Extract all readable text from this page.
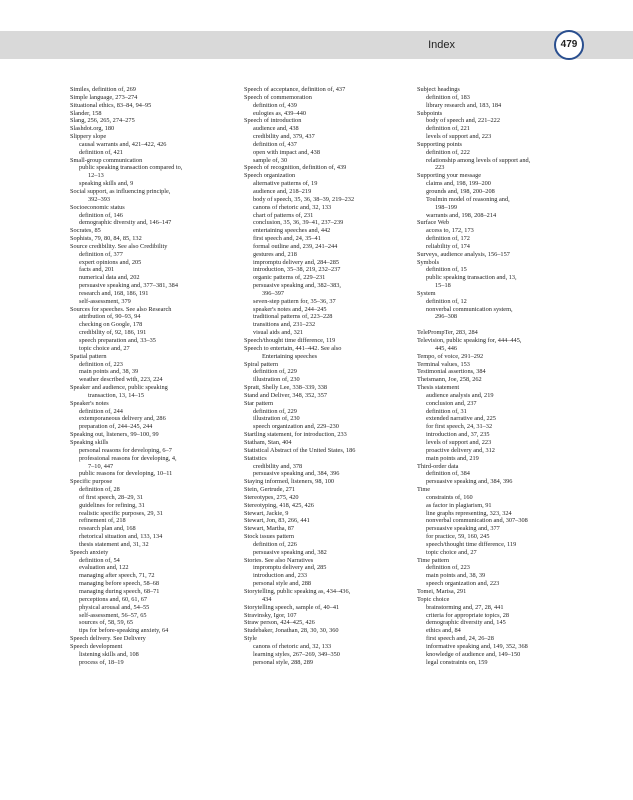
Index	479
Similes, definition of, 269
Simple language, 273–274
Situational ethics, 83–84, 94–95
Slander, 158
Slang, 256, 265, 274–275
Slashdot.org, 180
Slippery slope
causal warrants and, 421–422, 426
definition of, 421
Small-group communication
public speaking transaction compared to,
12–13
speaking skills and, 9
Social support, as influencing principle,
392–393
Socioeconomic status
definition of, 146
demographic diversity and, 146–147
Socrates, 85
Sophists, 79, 80, 84, 85, 132
Source credibility. See also Credibility
definition of, 377
expert opinions and, 205
facts and, 201
numerical data and, 202
persuasive speaking and, 377–381, 384
research and, 168, 186, 191
self-assessment, 379
Sources for speeches. See also Research
attribution of, 90–93, 94
checking on Google, 178
credibility of, 92, 186, 191
speech preparation and, 33–35
topic choice and, 27
Spatial pattern
definition of, 223
main points and, 38, 39
weather described with, 223, 224
Speaker and audience, public speaking
transaction, 13, 14–15
Speaker's notes
definition of, 244
extemporaneous delivery and, 286
preparation of, 244–245, 244
Speaking out, listeners, 99–100, 99
Speaking skills
personal reasons for developing, 6–7
professional reasons for developing, 4,
7–10, 447
public reasons for developing, 10–11
Specific purpose
definition of, 28
of first speech, 28–29, 31
guidelines for refining, 31
realistic specific purposes, 29, 31
refinement of, 218
research plan and, 168
rhetorical situation and, 133, 134
thesis statement and, 31, 32
Speech anxiety
definition of, 54
evaluation and, 122
managing after speech, 71, 72
managing before speech, 58–68
managing during speech, 68–71
perceptions and, 60, 61, 67
physical arousal and, 54–55
self-assessment, 56–57, 65
sources of, 58, 59, 65
tips for before-speaking anxiety, 64
Speech delivery. See Delivery
Speech development
listening skills and, 108
process of, 18–19
Speech of acceptance, definition of, 437
Speech of commemoration
definition of, 439
eulogies as, 439–440
Speech of introduction
audience and, 438
credibility and, 379, 437
definition of, 437
open with impact and, 438
sample of, 30
Speech of recognition, definition of, 439
Speech organization
alternative patterns of, 19
audience and, 218–219
body of speech, 35, 36, 38–39, 219–232
canons of rhetoric and, 32, 133
chart of patterns of, 231
conclusion, 35, 36, 39–41, 237–239
entertaining speeches and, 442
first speech and, 24, 35–41
formal outline and, 239, 241–244
gestures and, 218
impromptu delivery and, 284–285
introduction, 35–38, 219, 232–237
organic patterns of, 229–231
persuasive speaking and, 382–383,
396–397
seven-step pattern for, 35–36, 37
speaker's notes and, 244–245
traditional patterns of, 223–228
transitions and, 231–232
visual aids and, 321
Speech/thought time difference, 119
Speech to entertain, 441–442. See also
Entertaining speeches
Spiral pattern
definition of, 229
illustration of, 230
Spratt, Shelly Lee, 338–339, 338
Stand and Deliver, 348, 352, 357
Star pattern
definition of, 229
illustration of, 230
speech organization and, 229–230
Startling statement, for introduction, 233
Statham, Stan, 404
Statistical Abstract of the United States, 186
Statistics
credibility and, 378
persuasive speaking and, 384, 396
Staying informed, listeners, 98, 100
Stein, Gertrude, 271
Stereotypes, 275, 420
Stereotyping, 418, 425, 426
Stewart, Jackie, 9
Stewart, Jon, 83, 266, 441
Stewart, Martha, 87
Stock issues pattern
definition of, 226
persuasive speaking and, 382
Stories. See also Narratives
impromptu delivery and, 285
introduction and, 233
personal style and, 288
Storytelling, public speaking as, 434–436,
434
Storytelling speech, sample of, 40–41
Stravinsky, Igor, 107
Straw person, 424–425, 426
Studebaker, Jonathan, 28, 30, 30, 360
Style
canons of rhetoric and, 32, 133
learning styles, 267–269, 349–350
personal style, 288, 289
Subject headings
definition of, 183
library research and, 183, 184
Subpoints
body of speech and, 221–222
definition of, 221
levels of support and, 223
Supporting points
definition of, 222
relationship among levels of support and,
223
Supporting your message
claims and, 198, 199–200
grounds and, 198, 200–208
Toulmin model of reasoning and,
198–199
warrants and, 198, 208–214
Surface Web
access to, 172, 173
definition of, 172
reliability of, 174
Surveys, audience analysis, 156–157
Symbols
definition of, 15
public speaking transaction and, 13,
15–18
System
definition of, 12
nonverbal communication system,
296–308

TelePrompTer, 283, 284
Television, public speaking for, 444–445,
445, 446
Tempo, of voice, 291–292
Terminal values, 153
Testimonial assertions, 384
Theismann, Joe, 258, 262
Thesis statement
audience analysis and, 219
conclusion and, 237
definition of, 31
extended narrative and, 225
for first speech, 24, 31–32
introduction and, 37, 235
levels of support and, 223
proactive delivery and, 312
main points and, 219
Third-order data
definition of, 384
persuasive speaking and, 384, 396
Time
constraints of, 160
as factor in plagiarism, 91
line graphs representing, 323, 324
nonverbal communication and, 307–308
persuasive speaking and, 377
for practice, 59, 160, 245
speech/thought time difference, 119
topic choice and, 27
Time pattern
definition of, 223
main points and, 38, 39
speech organization and, 223
Tomei, Marisa, 291
Topic choice
brainstorming and, 27, 28, 441
criteria for appropriate topics, 28
demographic diversity and, 145
ethics and, 84
first speech and, 24, 26–28
informative speaking and, 149, 352, 368
knowledge of audience and, 149–150
legal constraints on, 159
